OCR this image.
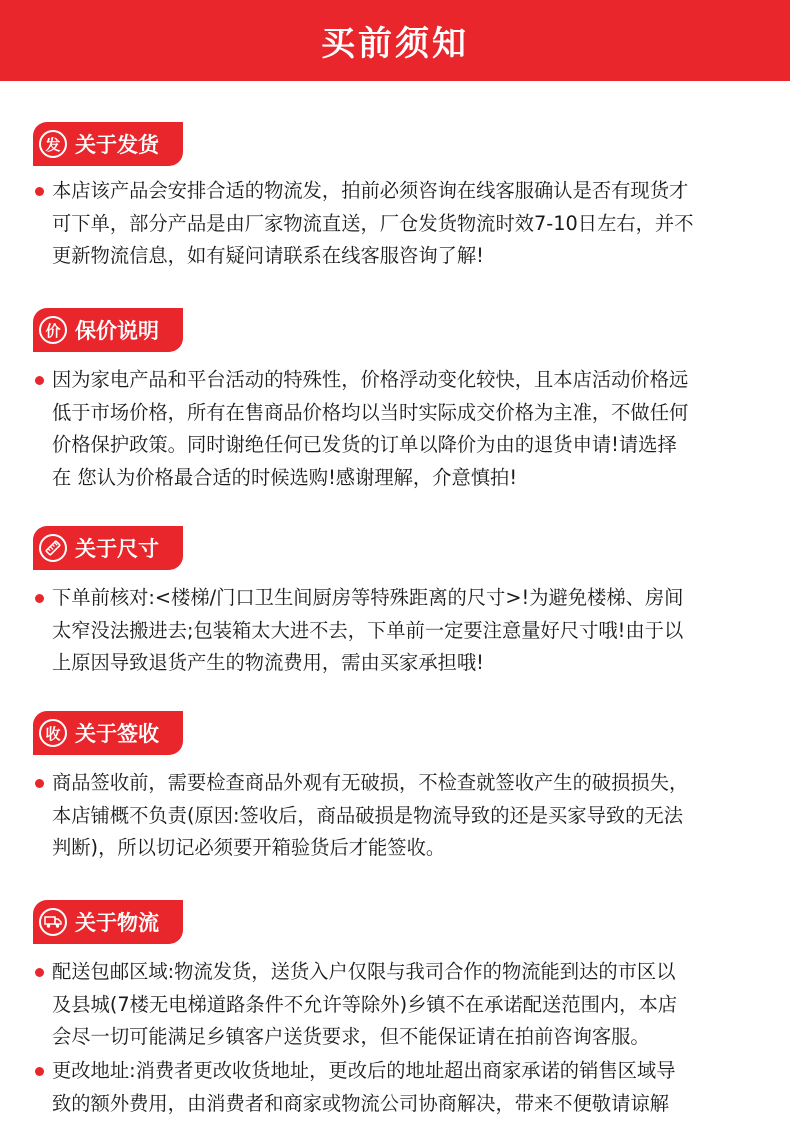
买前须知
发 关于发货

本店该产品会安排合适的物流发，拍前必须咨询在线客服确认是否有现货才
可下单，部分产品是由厂家物流直送，厂仓发货物流时效7-10日左右，并不
更新物流信息，如有疑问请联系在线客服咨询了解!

价 保价说明

因为家电产品和平台活动的特殊性，价格浮动变化较快，且本店活动价格远
低于市场价格，所有在售商品价格均以当时实际成交价格为主准，不做任何
价格保护政策。同时谢绝任何已发货的订单以降价为由的退货申请!请选择
在 您认为价格最合适的时候选购!感谢理解，介意慎拍!

关于尺寸

下单前核对:<楼梯/门口卫生间厨房等特殊距离的尺寸>!为避免楼梯、房间
太窄没法搬进去;包装箱太大进不去，下单前一定要注意量好尺寸哦!由于以
上原因导致退货产生的物流费用，需由买家承担哦!

收 关于签收

商品签收前，需要检查商品外观有无破损，不检查就签收产生的破损损失，
本店铺概不负责(原因:签收后，商品破损是物流导致的还是买家导致的无法
判断)，所以切记必须要开箱验货后才能签收。

关于物流

配送包邮区域:物流发货，送货入户仅限与我司合作的物流能到达的市区以
及县城(7楼无电梯道路条件不允许等除外)乡镇不在承诺配送范围内，本店
会尽一切可能满足乡镇客户送货要求，但不能保证请在拍前咨询客服。

更改地址:消费者更改收货地址，更改后的地址超出商家承诺的销售区域导
致的额外费用，由消费者和商家或物流公司协商解决，带来不便敬请谅解
